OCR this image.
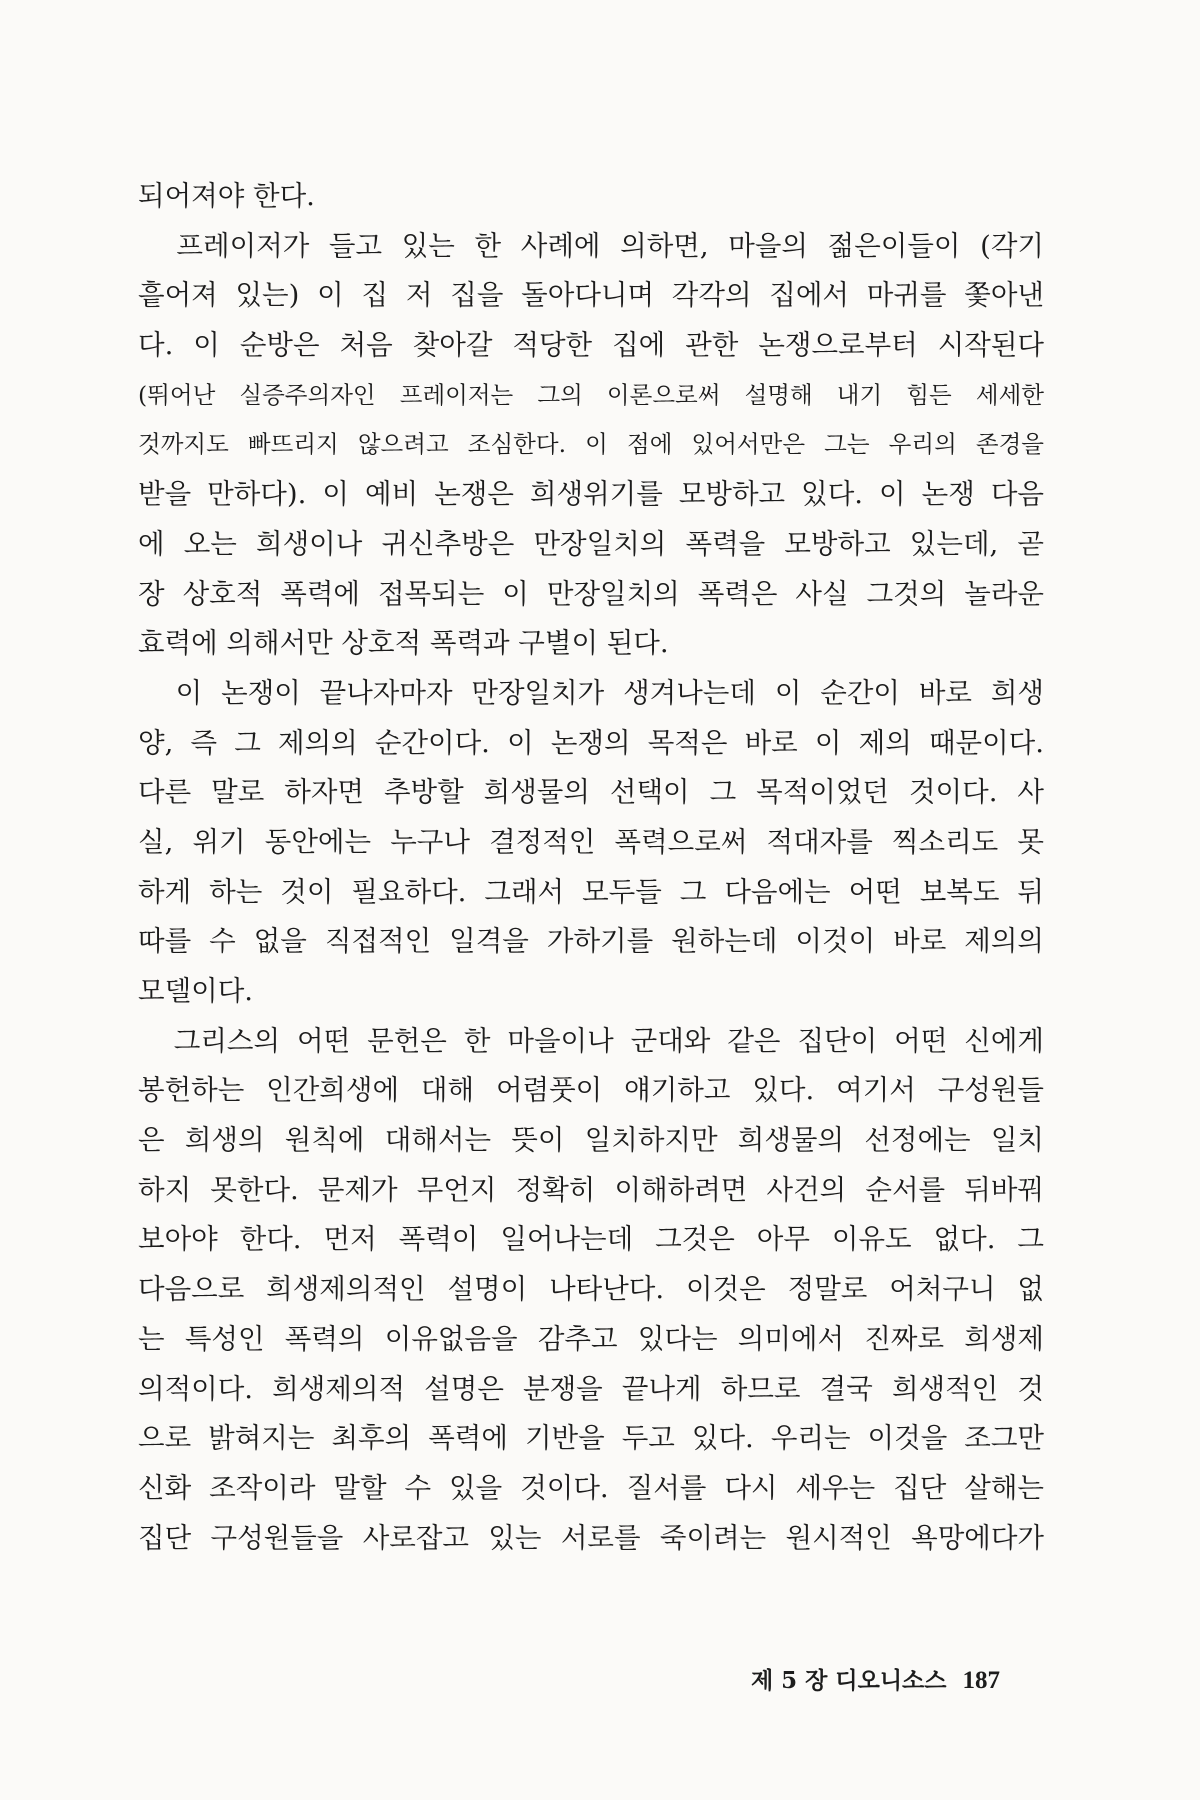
되어져야 한다.
　프레이저가 들고 있는 한 사례에 의하면, 마을의 젊은이들이 (각기
흩어져 있는) 이 집 저 집을 돌아다니며 각각의 집에서 마귀를 쫓아낸
다. 이 순방은 처음 찾아갈 적당한 집에 관한 논쟁으로부터 시작된다
(뛰어난 실증주의자인 프레이저는 그의 이론으로써 설명해 내기 힘든 세세한
것까지도 빠뜨리지 않으려고 조심한다. 이 점에 있어서만은 그는 우리의 존경을
받을 만하다). 이 예비 논쟁은 희생위기를 모방하고 있다. 이 논쟁 다음
에 오는 희생이나 귀신추방은 만장일치의 폭력을 모방하고 있는데, 곧
장 상호적 폭력에 접목되는 이 만장일치의 폭력은 사실 그것의 놀라운
효력에 의해서만 상호적 폭력과 구별이 된다.
　이 논쟁이 끝나자마자 만장일치가 생겨나는데 이 순간이 바로 희생
양, 즉 그 제의의 순간이다. 이 논쟁의 목적은 바로 이 제의 때문이다.
다른 말로 하자면 추방할 희생물의 선택이 그 목적이었던 것이다. 사
실, 위기 동안에는 누구나 결정적인 폭력으로써 적대자를 찍소리도 못
하게 하는 것이 필요하다. 그래서 모두들 그 다음에는 어떤 보복도 뒤
따를 수 없을 직접적인 일격을 가하기를 원하는데 이것이 바로 제의의
모델이다.
　그리스의 어떤 문헌은 한 마을이나 군대와 같은 집단이 어떤 신에게
봉헌하는 인간희생에 대해 어렴풋이 얘기하고 있다. 여기서 구성원들
은 희생의 원칙에 대해서는 뜻이 일치하지만 희생물의 선정에는 일치
하지 못한다. 문제가 무언지 정확히 이해하려면 사건의 순서를 뒤바꿔
보아야 한다. 먼저 폭력이 일어나는데 그것은 아무 이유도 없다. 그
다음으로 희생제의적인 설명이 나타난다. 이것은 정말로 어처구니 없
는 특성인 폭력의 이유없음을 감추고 있다는 의미에서 진짜로 희생제
의적이다. 희생제의적 설명은 분쟁을 끝나게 하므로 결국 희생적인 것
으로 밝혀지는 최후의 폭력에 기반을 두고 있다. 우리는 이것을 조그만
신화 조작이라 말할 수 있을 것이다. 질서를 다시 세우는 집단 살해는
집단 구성원들을 사로잡고 있는 서로를 죽이려는 원시적인 욕망에다가
제 5 장 디오니소스 187
